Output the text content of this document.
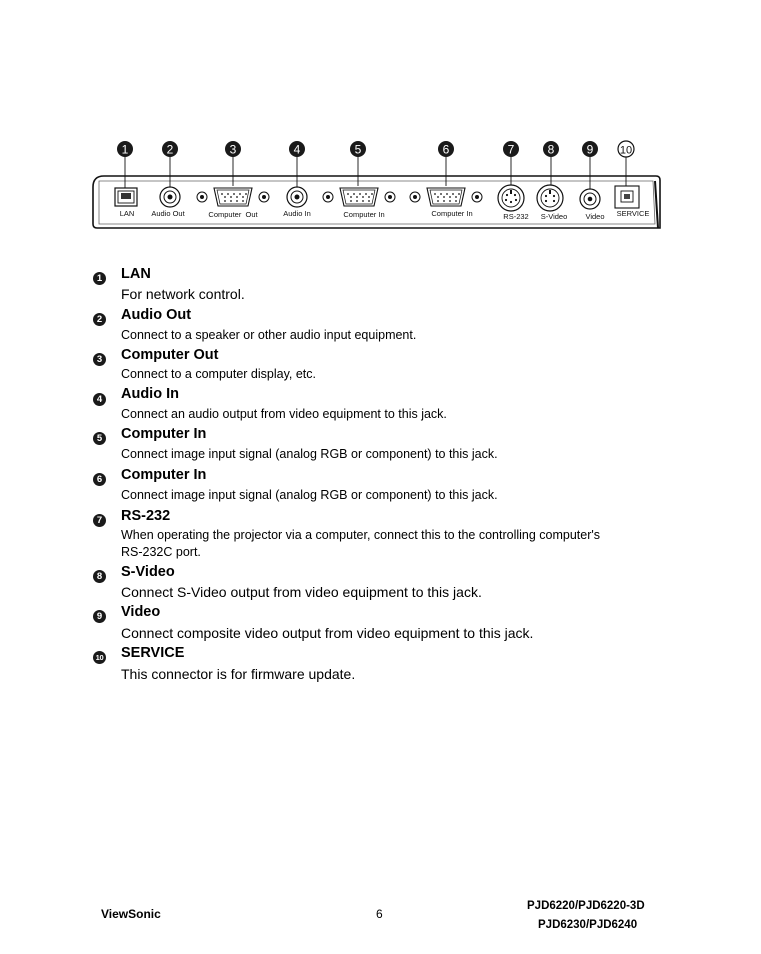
1	2	3	4	5	6	7	8	9 10
LAN Audio Out	Computer  Out	Audio In	Computer In	Computer In	RS-232 S-Video Video SERVICE
1 LAN
For network control.
2 Audio Out
Connect to a speaker or other audio input equipment.
3 Computer Out
Connect to a computer display, etc.
4 Audio In
Connect an audio output from video equipment to this jack.
5 Computer In
Connect image input signal (analog RGB or component) to this jack.
6 Computer In
Connect image input signal (analog RGB or component) to this jack.
7 RS-232
When operating the projector via a computer, connect this to the controlling computer's
RS-232C port.
8 S-Video
Connect S-Video output from video equipment to this jack.
9 Video
Connect composite video output from video equipment to this jack.
10 SERVICE
This connector is for firmware update.
ViewSonic	6
PJD6220/PJD6220-3D
PJD6230/PJD6240
